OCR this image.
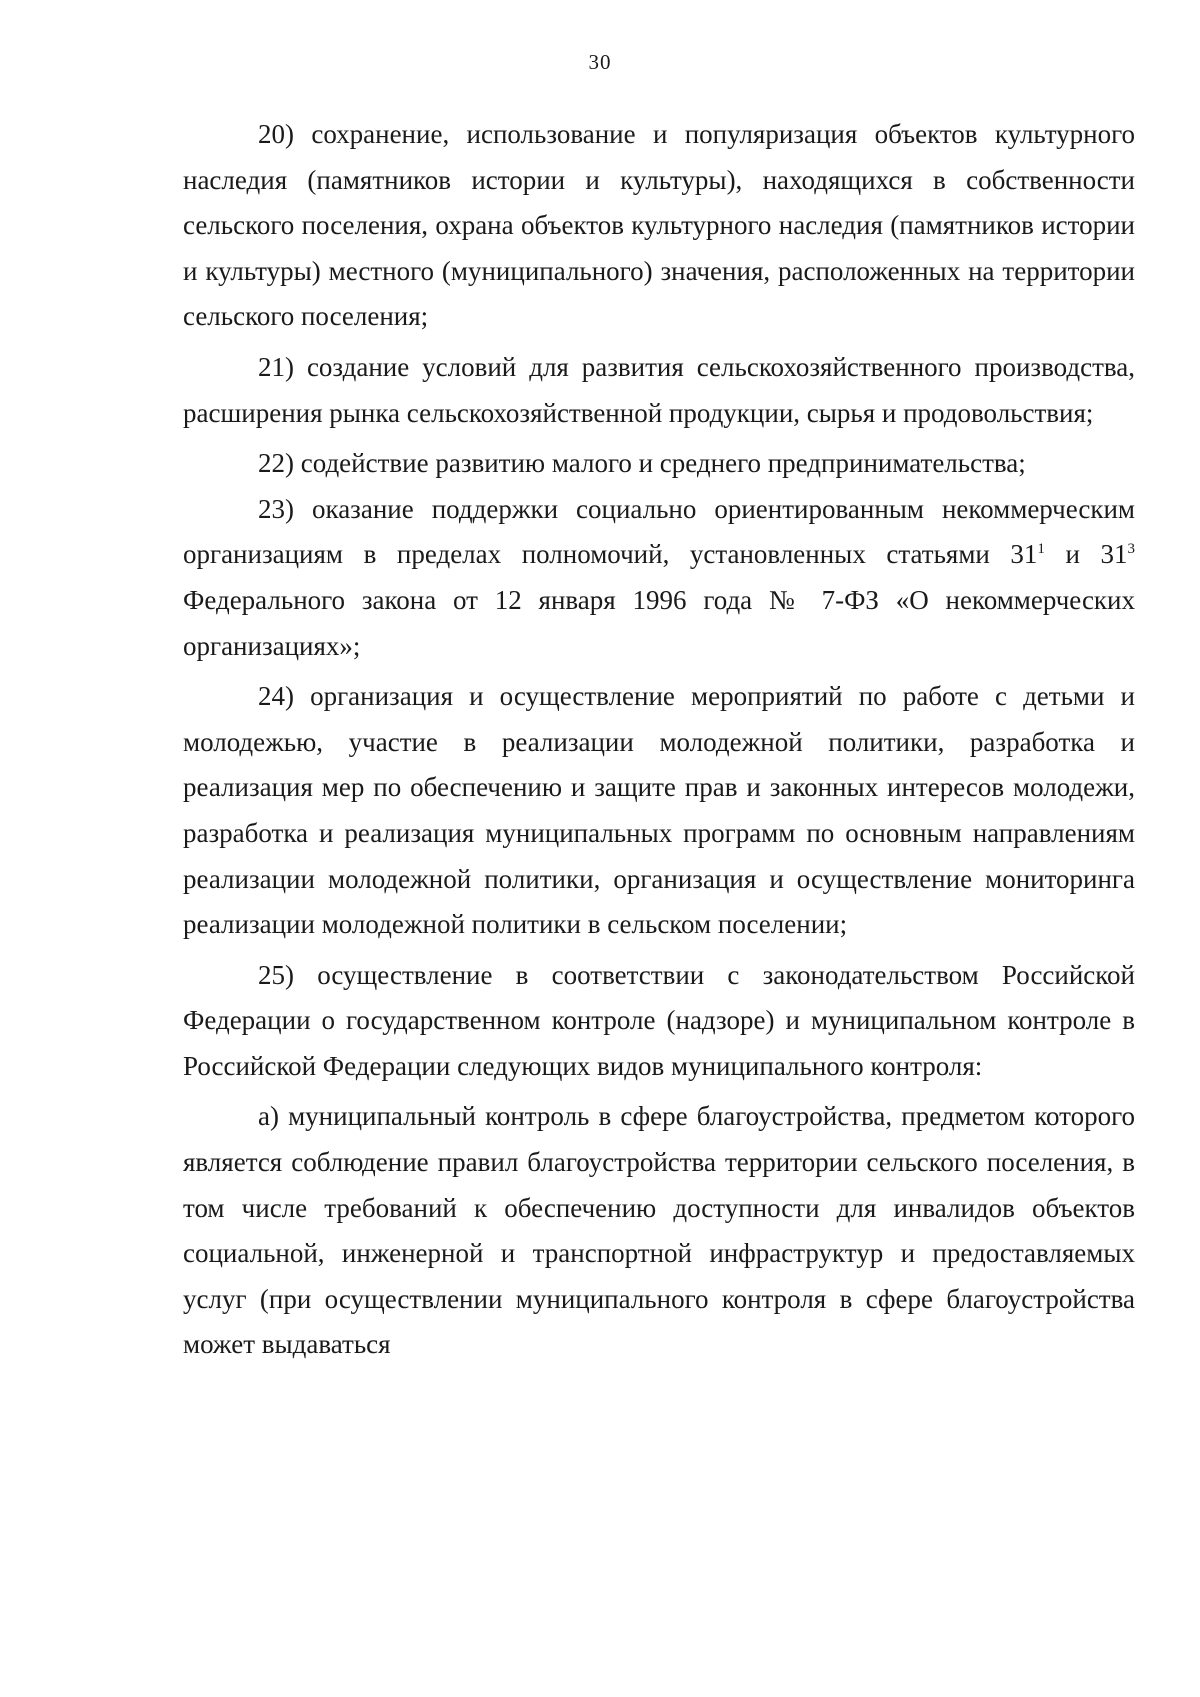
30

20) сохранение, использование и популяризация объектов культурного наследия (памятников истории и культуры), находящихся в собственности сельского поселения, охрана объектов культурного наследия (памятников истории и культуры) местного (муниципального) значения, расположенных на территории сельского поселения;

21) создание условий для развития сельскохозяйственного производства, расширения рынка сельскохозяйственной продукции, сырья и продовольствия;

22) содействие развитию малого и среднего предпринимательства;

23) оказание поддержки социально ориентированным некоммерческим организациям в пределах полномочий, установленных статьями $31^1$ и $31^3$ Федерального закона от 12 января 1996 года № 7-ФЗ «О некоммерческих организациях»;

24) организация и осуществление мероприятий по работе с детьми и молодежью, участие в реализации молодежной политики, разработка и реализация мер по обеспечению и защите прав и законных интересов молодежи, разработка и реализация муниципальных программ по основным направлениям реализации молодежной политики, организация и осуществление мониторинга реализации молодежной политики в сельском поселении;

25) осуществление в соответствии с законодательством Российской Федерации о государственном контроле (надзоре) и муниципальном контроле в Российской Федерации следующих видов муниципального контроля:

а) муниципальный контроль в сфере благоустройства, предметом которого является соблюдение правил благоустройства территории сельского поселения, в том числе требований к обеспечению доступности для инвалидов объектов социальной, инженерной и транспортной инфраструктур и предоставляемых услуг (при осуществлении муниципального контроля в сфере благоустройства может выдаваться
